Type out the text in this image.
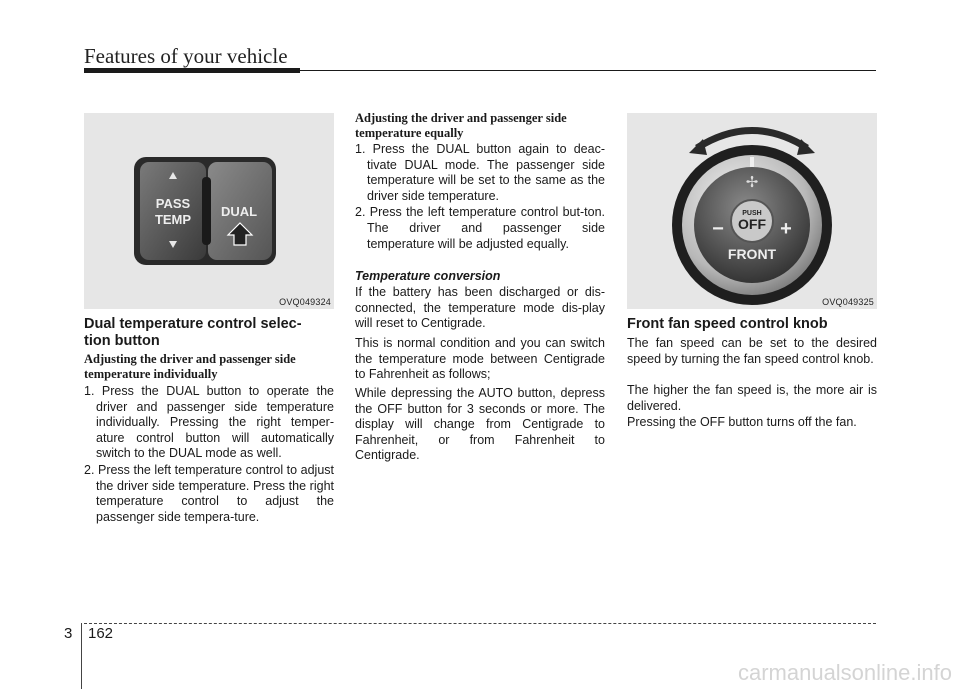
Features of your vehicle
PASS
TEMP
DUAL
OVQ049324
Dual temperature control selec-
tion button
Adjusting the driver and passenger side temperature individually
1. Press the DUAL button to operate the driver and passenger side temperature individually. Pressing the right temper-ature control button will automatically switch to the DUAL mode as well.
2. Press the left temperature control to adjust the driver side temperature. Press the right temperature control to adjust the passenger side tempera-ture.
Adjusting the driver and passenger side temperature equally
1. Press the DUAL button again to deac-tivate DUAL mode. The passenger side temperature will be set to the same as the driver side temperature.
2. Press the left temperature control but-ton. The driver and passenger side temperature will be adjusted equally.
Temperature conversion

If the battery has been discharged or dis-connected, the temperature mode dis-play will reset to Centigrade.

This is normal condition and you can switch the temperature mode between Centigrade to Fahrenheit as follows;

While depressing the AUTO button, depress the OFF button for 3 seconds or more. The display will change from Centigrade to Fahrenheit, or from Fahrenheit to Centigrade.

✢
PUSH
OFF
−	+
FRONT
OVQ049325
Front fan speed control knob

The fan speed can be set to the desired speed by turning the fan speed control knob.

The higher the fan speed is, the more air is delivered.

Pressing the OFF button turns off the fan.

3 162
carmanualsonline.info
